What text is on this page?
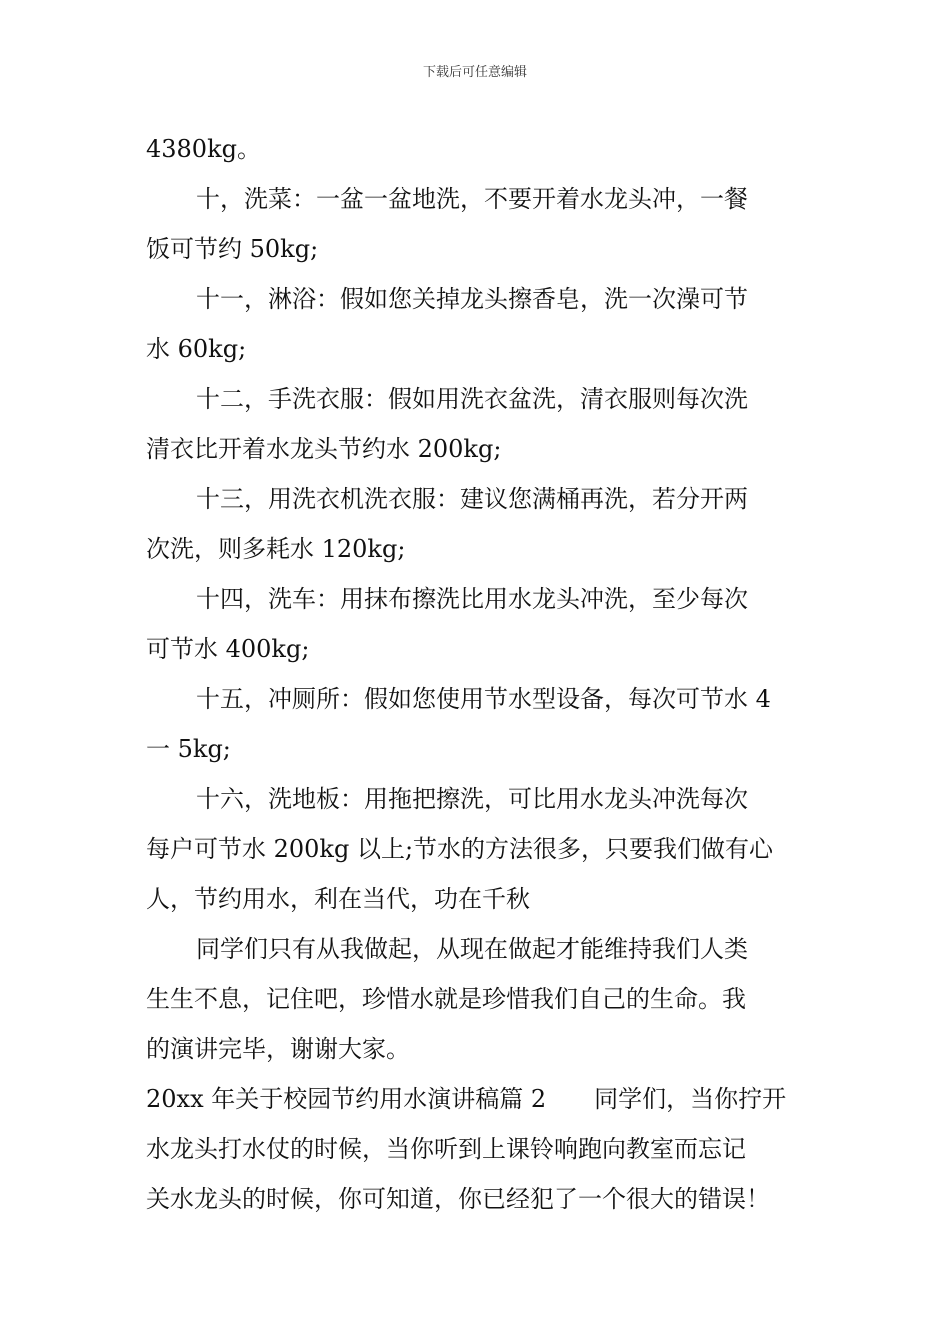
下载后可任意编辑
4380kg。
十，洗菜：一盆一盆地洗，不要开着水龙头冲，一餐
饭可节约 50kg;
十一，淋浴：假如您关掉龙头擦香皂，洗一次澡可节
水 60kg;
十二，手洗衣服：假如用洗衣盆洗，清衣服则每次洗
清衣比开着水龙头节约水 200kg;
十三，用洗衣机洗衣服：建议您满桶再洗，若分开两
次洗，则多耗水 120kg;
十四，洗车：用抹布擦洗比用水龙头冲洗，至少每次
可节水 400kg;
十五，冲厕所：假如您使用节水型设备，每次可节水 4
一 5kg;
十六，洗地板：用拖把擦洗，可比用水龙头冲洗每次
每户可节水 200kg 以上;节水的方法很多，只要我们做有心
人，节约用水，利在当代，功在千秋
同学们只有从我做起，从现在做起才能维持我们人类
生生不息，记住吧，珍惜水就是珍惜我们自己的生命。我
的演讲完毕，谢谢大家。
20xx 年关于校园节约用水演讲稿篇 2　　同学们，当你拧开
水龙头打水仗的时候，当你听到上课铃响跑向教室而忘记
关水龙头的时候，你可知道，你已经犯了一个很大的错误！
